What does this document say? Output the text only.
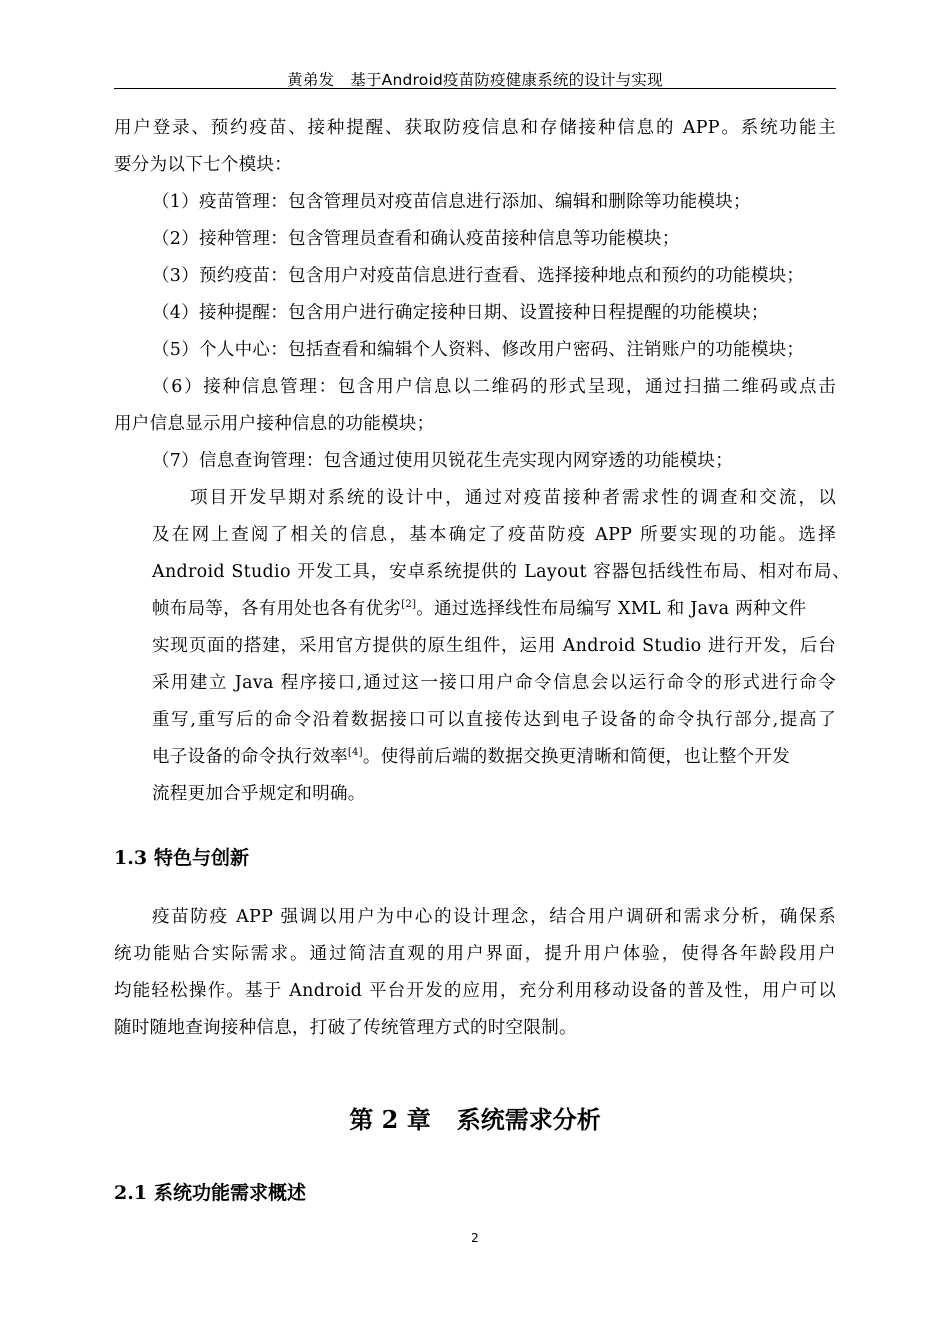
黄弟发 基于Android疫苗防疫健康系统的设计与实现
用户登录、预约疫苗、接种提醒、获取防疫信息和存储接种信息的 APP。系统功能主
要分为以下七个模块：
（1）疫苗管理：包含管理员对疫苗信息进行添加、编辑和删除等功能模块；
（2）接种管理：包含管理员查看和确认疫苗接种信息等功能模块；
（3）预约疫苗：包含用户对疫苗信息进行查看、选择接种地点和预约的功能模块；
（4）接种提醒：包含用户进行确定接种日期、设置接种日程提醒的功能模块；
（5）个人中心：包括查看和编辑个人资料、修改用户密码、注销账户的功能模块；
（6）接种信息管理：包含用户信息以二维码的形式呈现，通过扫描二维码或点击
用户信息显示用户接种信息的功能模块；
（7）信息查询管理：包含通过使用贝锐花生壳实现内网穿透的功能模块；
项目开发早期对系统的设计中，通过对疫苗接种者需求性的调查和交流，以
及在网上查阅了相关的信息，基本确定了疫苗防疫 APP 所要实现的功能。选择
Android Studio 开发工具，安卓系统提供的 Layout 容器包括线性布局、相对布局、
帧布局等，各有用处也各有优劣[2]。通过选择线性布局编写 XML 和 Java 两种文件
实现页面的搭建，采用官方提供的原生组件，运用 Android Studio 进行开发，后台
采用建立 Java 程序接口,通过这一接口用户命令信息会以运行命令的形式进行命令
重写,重写后的命令沿着数据接口可以直接传达到电子设备的命令执行部分,提高了
电子设备的命令执行效率[4]。使得前后端的数据交换更清晰和简便，也让整个开发
流程更加合乎规定和明确。
1.3 特色与创新
疫苗防疫 APP 强调以用户为中心的设计理念，结合用户调研和需求分析，确保系
统功能贴合实际需求。通过简洁直观的用户界面，提升用户体验，使得各年龄段用户
均能轻松操作。基于 Android 平台开发的应用，充分利用移动设备的普及性，用户可以
随时随地查询接种信息，打破了传统管理方式的时空限制。
第 2 章 系统需求分析
2.1 系统功能需求概述
2
